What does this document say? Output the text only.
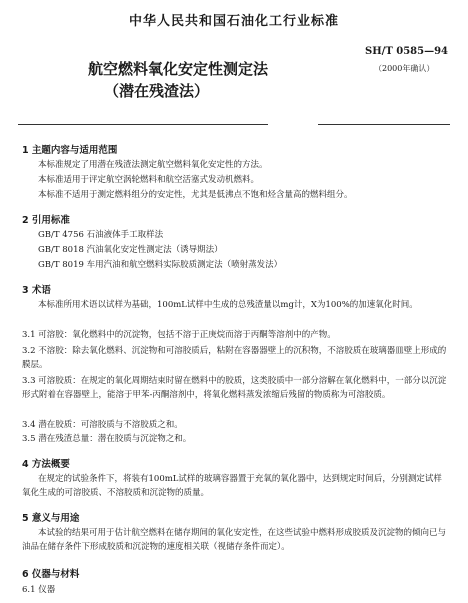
中华人民共和国石油化工行业标准
航空燃料氧化安定性测定法
（潜在残渣法）
SH/T 0585—94
（2000年确认）
1 主题内容与适用范围
本标准规定了用潜在残渣法测定航空燃料氧化安定性的方法。
本标准适用于评定航空涡轮燃料和航空活塞式发动机燃料。
本标准不适用于测定燃料组分的安定性，尤其是低沸点不饱和烃含量高的燃料组分。
2 引用标准
GB/T 4756 石油液体手工取样法
GB/T 8018 汽油氧化安定性测定法（诱导期法）
GB/T 8019 车用汽油和航空燃料实际胶质测定法（喷射蒸发法）
3 术语
本标准所用术语以试样为基础，100mL试样中生成的总残渣量以mg计，X为100%的加速氧化时间。
3.1 可溶胶：氧化燃料中的沉淀物，包括不溶于正庚烷而溶于丙酮等溶剂中的产物。
3.2 不溶胶：除去氧化燃料、沉淀物和可溶胶质后，粘附在容器器壁上的沉积物，不溶胶质在玻璃器皿壁上形成的膜层。
3.3 可溶胶质：在规定的氧化周期结束时留在燃料中的胶质，这类胶质中一部分溶解在氧化燃料中，一部分以沉淀形式附着在容器壁上，能溶于甲苯-丙酮溶剂中，将氧化燃料蒸发浓缩后残留的物质称为可溶胶质。
3.4 潜在胶质：可溶胶质与不溶胶质之和。
3.5 潜在残渣总量：潜在胶质与沉淀物之和。
4 方法概要
在规定的试验条件下，将装有100mL试样的玻璃容器置于充氧的氧化器中，达到规定时间后，分别测定试样氧化生成的可溶胶质、不溶胶质和沉淀物的质量。
5 意义与用途
本试验的结果可用于估计航空燃料在储存期间的氧化安定性，在这些试验中燃料形成胶质及沉淀物的倾向已与油品在储存条件下形成胶质和沉淀物的速度相关联（视储存条件而定）。
6 仪器与材料
6.1 仪器
